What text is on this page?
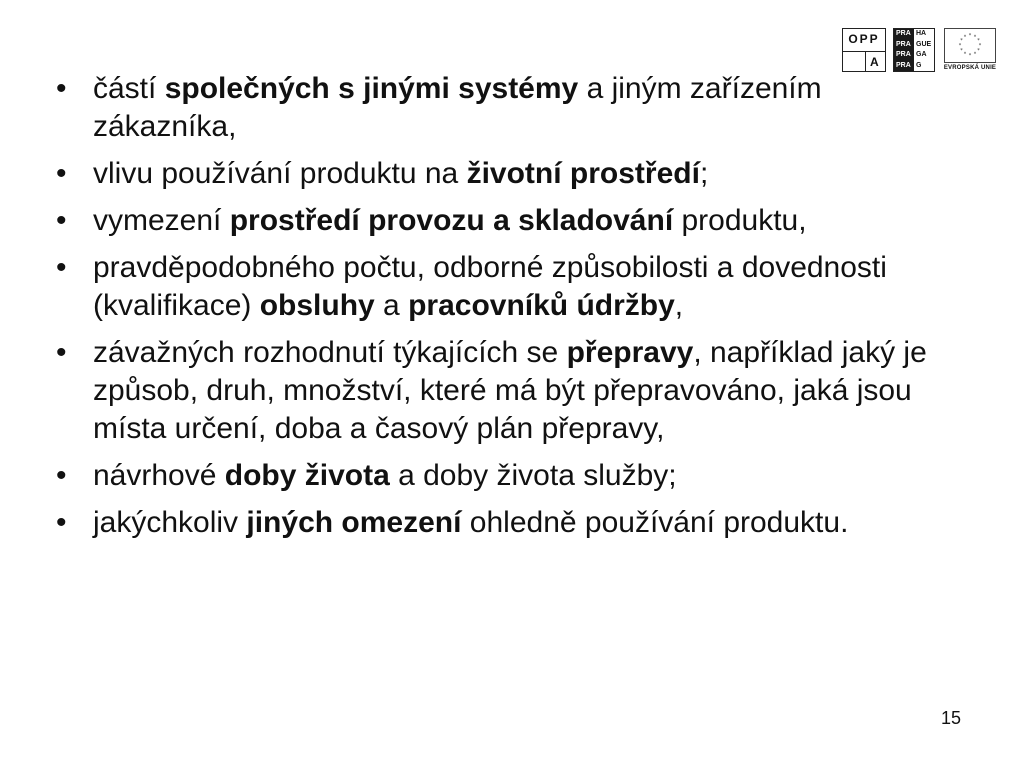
OPP
A
PRA HA
PRA GUE
PRA GA
PRA G
* *
*
*
*
*
*
*
*
*
*
*
EVROPSKÁ UNIE
• částí společných s jinými systémy a jiným zařízením zákazníka,
• vlivu používání produktu na životní prostředí;
• vymezení prostředí provozu a skladování produktu,
• pravděpodobného počtu, odborné způsobilosti a dovednosti (kvalifikace) obsluhy a pracovníků údržby,
• závažných rozhodnutí týkajících se přepravy, například jaký je způsob, druh, množství, které má být přepravováno, jaká jsou místa určení, doba a časový plán přepravy,
• návrhové doby života a doby života služby;
• jakýchkoliv jiných omezení ohledně používání produktu.
15
